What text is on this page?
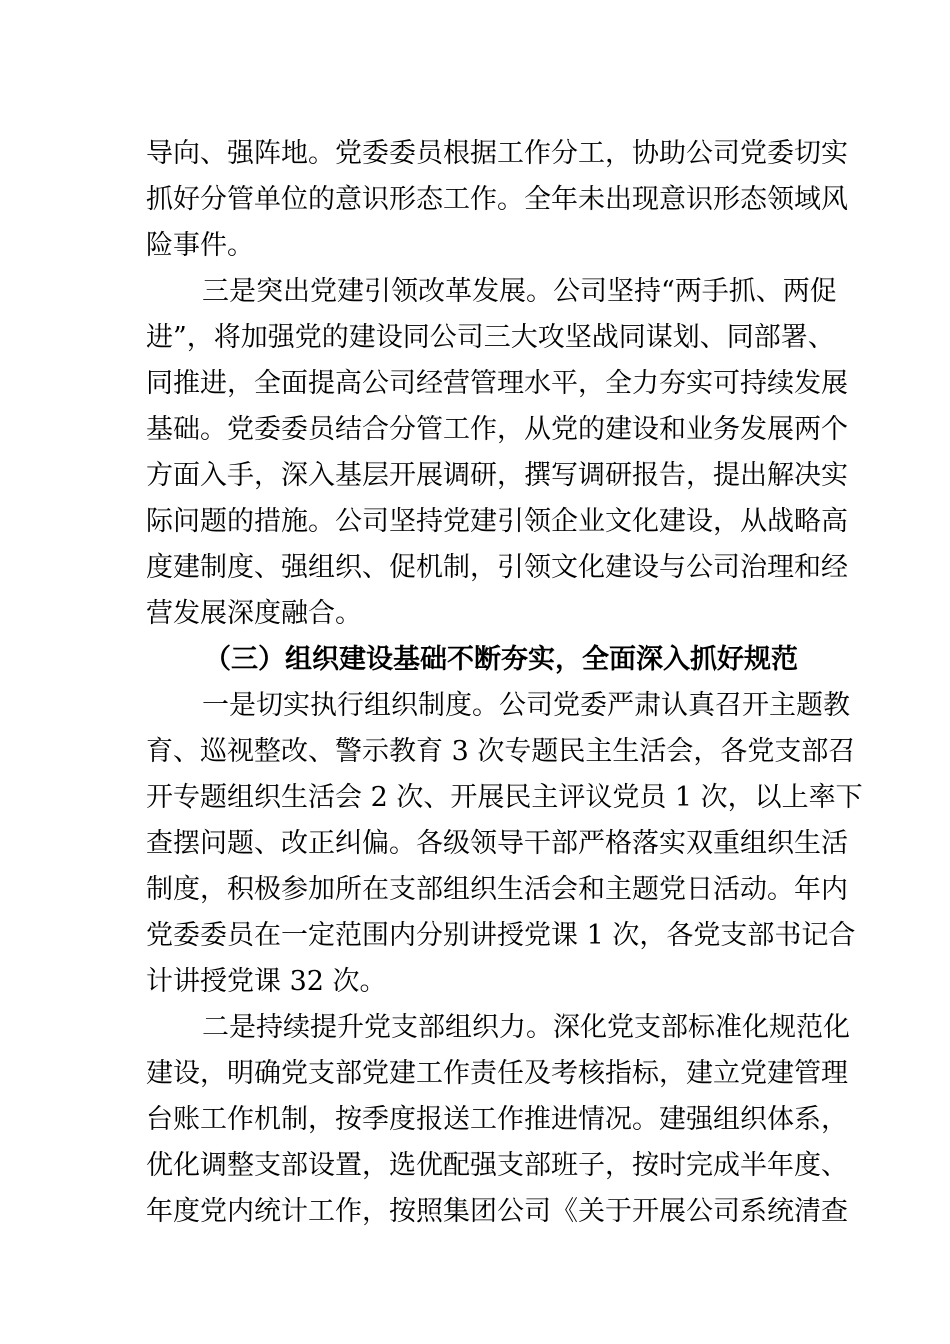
导向、强阵地。党委委员根据工作分工，协助公司党委切实
抓好分管单位的意识形态工作。全年未出现意识形态领域风
险事件。
三是突出党建引领改革发展。公司坚持“两手抓、两促
进”，将加强党的建设同公司三大攻坚战同谋划、同部署、
同推进，全面提高公司经营管理水平，全力夯实可持续发展
基础。党委委员结合分管工作，从党的建设和业务发展两个
方面入手，深入基层开展调研，撰写调研报告，提出解决实
际问题的措施。公司坚持党建引领企业文化建设，从战略高
度建制度、强组织、促机制，引领文化建设与公司治理和经
营发展深度融合。
（三）组织建设基础不断夯实，全面深入抓好规范
一是切实执行组织制度。公司党委严肃认真召开主题教
育、巡视整改、警示教育 3 次专题民主生活会，各党支部召
开专题组织生活会 2 次、开展民主评议党员 1 次，以上率下
查摆问题、改正纠偏。各级领导干部严格落实双重组织生活
制度，积极参加所在支部组织生活会和主题党日活动。年内
党委委员在一定范围内分别讲授党课 1 次，各党支部书记合
计讲授党课 32 次。
二是持续提升党支部组织力。深化党支部标准化规范化
建设，明确党支部党建工作责任及考核指标，建立党建管理
台账工作机制，按季度报送工作推进情况。建强组织体系，
优化调整支部设置，选优配强支部班子，按时完成半年度、
年度党内统计工作，按照集团公司《关于开展公司系统清查
